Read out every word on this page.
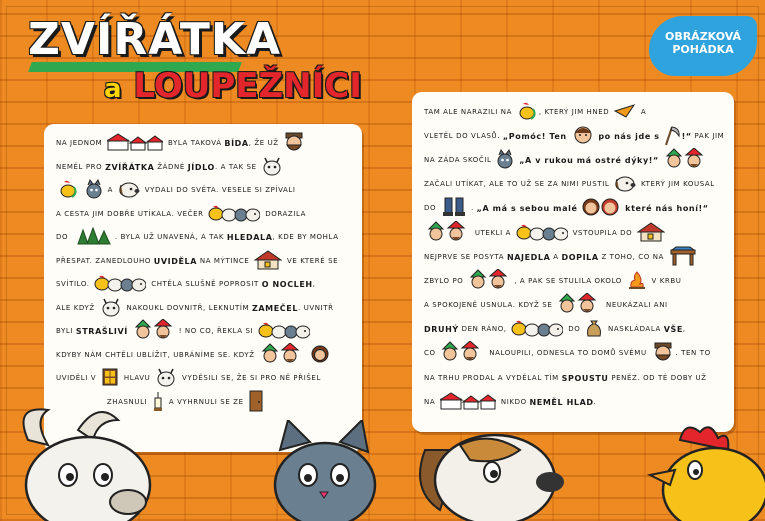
ZVÍŘÁTKA
a LOUPEŽNÍCI
OBRÁZKOVÁ
POHÁDKA
NA JEDNOM	BYLA TAKOVÁ BÍDA , ŽE UŽ
NEMĚL PRO ZVÍŘÁTKA ŽÁDNÉ JÍDLO . A TAK SE

A	VYDALI DO SVĚTA. VESELE SI ZPÍVALI
A CESTA JIM DOBŘE UTÍKALA. VEČER	DORAZILA
DO	. BYLA UŽ UNAVENÁ, A TAK HLEDALA , KDE BY MOHLA
PŘESPAT. ZANEDLOUHO UVIDĚLA NA MÝTINCE	VE KTERÉ SE
SVÍTILO.	CHTĚLA SLUŠNĚ POPROSIT O NOCLEH ,
ALE KDYŽ	NAKOUKL DOVNITŘ, LEKNUTÍM ZAMEČEL . UVNITŘ
BYLI STRAŠLIVÍ
	! NO CO, ŘEKLA SI
KDYBY NÁM CHTĚLI UBLÍŽIT, UBRÁNÍME SE. KDYŽ

UVIDĚLI V	HLAVU	VYDĚSILI SE, ŽE SI PRO NĚ PŘIŠEL

ZHASNULI A VYHRNULI SE ZE
TAM ALE NARAZILI NA	, KTERÝ JIM HNED	A
VLETĚL DO VLASŮ. „Pomóc! Ten

	po nás jde s	!“ PAK JIM
NA ZÁDA SKOČIL
	„A v rukou má ostré dýky!“

ZAČALI UTÍKAT, ALE TO UŽ SE ZA NIMI PUSTIL	KTERÝ JIM KOUSAL
DO	. „A má s sebou malé

	které nás honí!“
UTEKLI A	VSTOUPILA DO
NEJPRVE SE POSYTA NAJEDLA A DOPILA Z TOHO, CO NA
ZBYLO PO	, A PAK SE STULILA OKOLO	V KRBU
A SPOKOJENĚ USNULA. KDYŽ SE	NEUKÁZALI ANI
DRUHÝ DEN RÁNO,	DO	NASKLÁDALA VŠE ,
CO	NALOUPILI, ODNESLA TO DOMŮ SVÉMU	. TEN TO
NA TRHU PRODAL A VYDĚLAL TÍM SPOUSTU PENĚZ. OD TÉ DOBY UŽ
NA	NIKDO NEMĚL HLAD .
